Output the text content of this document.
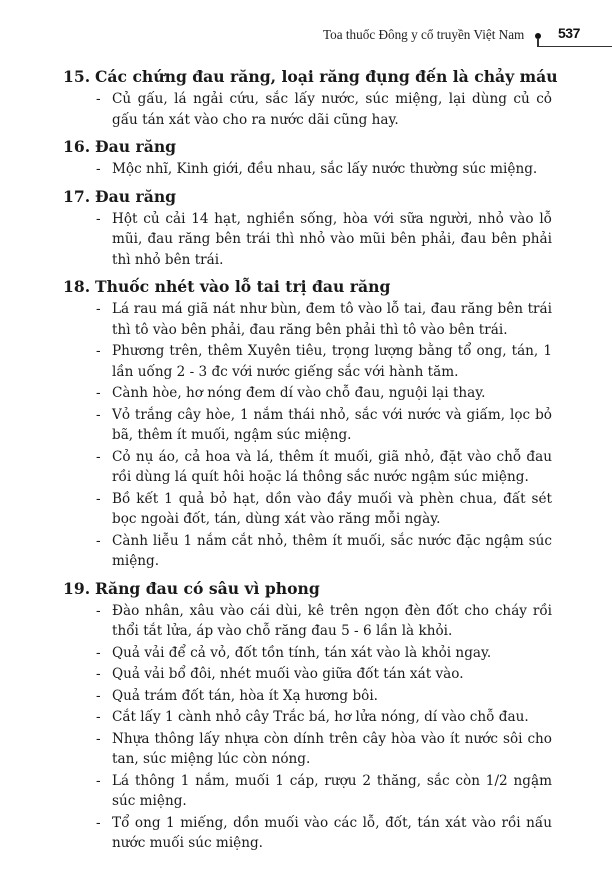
Toa thuốc Đông y cổ truyền Việt Nam 537
15. Các chứng đau răng, loại răng đụng đến là chảy máu
- Củ gấu, lá ngải cứu, sắc lấy nước, súc miệng, lại dùng củ cỏ gấu tán xát vào cho ra nước dãi cũng hay.
16. Đau răng
- Mộc nhĩ, Kinh giới, đều nhau, sắc lấy nước thường súc miệng.
17. Đau răng
- Hột củ cải 14 hạt, nghiền sống, hòa với sữa người, nhỏ vào lỗ mũi, đau răng bên trái thì nhỏ vào mũi bên phải, đau bên phải thì nhỏ bên trái.
18. Thuốc nhét vào lỗ tai trị đau răng
- Lá rau má giã nát như bùn, đem tô vào lỗ tai, đau răng bên trái thì tô vào bên phải, đau răng bên phải thì tô vào bên trái.
- Phương trên, thêm Xuyên tiêu, trọng lượng bằng tổ ong, tán, 1 lần uống 2 - 3 đc với nước giếng sắc với hành tăm.
- Cành hòe, hơ nóng đem dí vào chỗ đau, nguội lại thay.
- Vỏ trắng cây hòe, 1 nắm thái nhỏ, sắc với nước và giấm, lọc bỏ bã, thêm ít muối, ngậm súc miệng.
- Cỏ nụ áo, cả hoa và lá, thêm ít muối, giã nhỏ, đặt vào chỗ đau rồi dùng lá quít hôi hoặc lá thông sắc nước ngậm súc miệng.
- Bồ kết 1 quả bỏ hạt, dồn vào đầy muối và phèn chua, đất sét bọc ngoài đốt, tán, dùng xát vào răng mỗi ngày.
- Cành liễu 1 nắm cắt nhỏ, thêm ít muối, sắc nước đặc ngậm súc miệng.
19. Răng đau có sâu vì phong
- Đào nhân, xâu vào cái dùi, kê trên ngọn đèn đốt cho cháy rồi thổi tắt lửa, áp vào chỗ răng đau 5 - 6 lần là khỏi.
- Quả vải để cả vỏ, đốt tồn tính, tán xát vào là khỏi ngay.
- Quả vải bổ đôi, nhét muối vào giữa đốt tán xát vào.
- Quả trám đốt tán, hòa ít Xạ hương bôi.
- Cắt lấy 1 cành nhỏ cây Trắc bá, hơ lửa nóng, dí vào chỗ đau.
- Nhựa thông lấy nhựa còn dính trên cây hòa vào ít nước sôi cho tan, súc miệng lúc còn nóng.
- Lá thông 1 nắm, muối 1 cáp, rượu 2 thăng, sắc còn 1/2 ngậm súc miệng.
- Tổ ong 1 miếng, dồn muối vào các lỗ, đốt, tán xát vào rồi nấu nước muối súc miệng.
